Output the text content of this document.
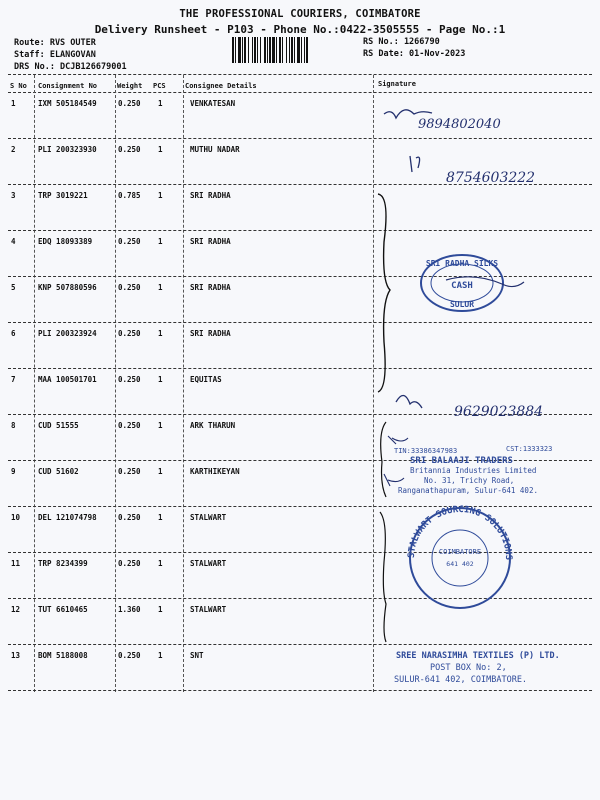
THE PROFESSIONAL COURIERS, COIMBATORE
Delivery Runsheet - P103 - Phone No.:0422-3505555 - Page No.:1
Route: RVS OUTER
Staff: ELANGOVAN
DRS No.: DCJB126679001
RS No.: 1266790
RS Date: 01-Nov-2023
S No Consignment No	Weight PCS	Consignee Details	Signature
1	IXM 505184549	0.250 1	VENKATESAN
2	PLI 200323930	0.250 1	MUTHU NADAR
3	TRP 3019221	0.785 1	SRI RADHA
4	EDQ 18093389	0.250 1	SRI RADHA
5	KNP 507880596	0.250 1	SRI RADHA
6	PLI 200323924	0.250 1	SRI RADHA
7	MAA 100501701	0.250 1	EQUITAS
8	CUD 51555	0.250 1	ARK THARUN
9	CUD 51602	0.250 1	KARTHIKEYAN
10 DEL 121074798	0.250 1	STALWART
11 TRP 8234399	0.250 1	STALWART
12 TUT 6610465	1.360 1	STALWART
13 BOM 5188008	0.250 1	SNT
9894802040
8754603222
SRI RADHA SILKS
CASH
SULUR
9629023884
TIN:33386347983	CST:1333323
SRI BALAAJI TRADERS
Britannia Industries Limited
No. 31, Trichy Road,
Ranganathapuram, Sulur-641 402.
STALWART SOURCING SOLUTIONS
COIMBATORE
641 402
SREE NARASIMHA TEXTILES (P) LTD.
POST BOX No: 2,
SULUR-641 402, COIMBATORE.
